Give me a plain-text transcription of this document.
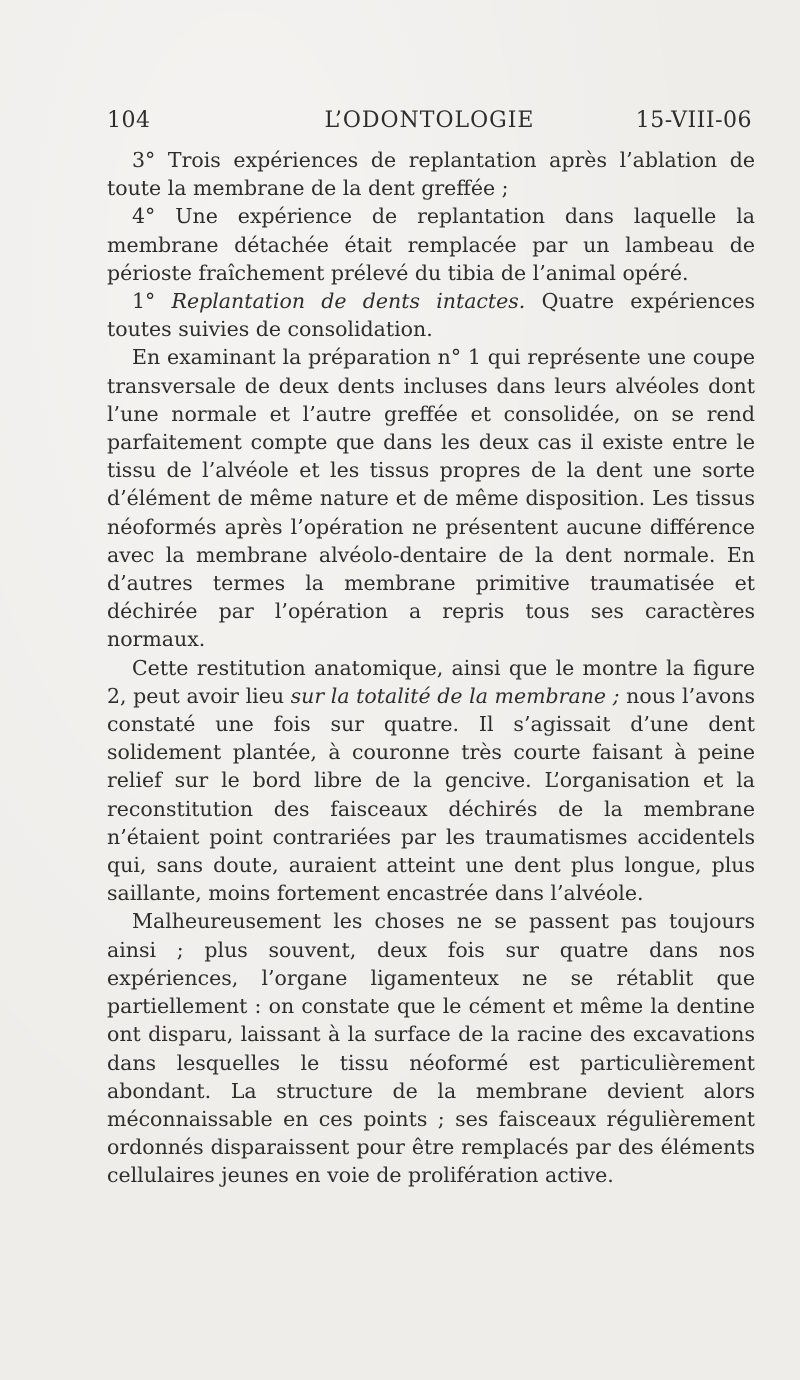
104	L’ODONTOLOGIE	15-VIII-06

3° Trois expériences de replantation après l’ablation de toute la membrane de la dent greffée ;

4° Une expérience de replantation dans laquelle la membrane détachée était remplacée par un lambeau de périoste fraîchement prélevé du tibia de l’animal opéré.

1° Replantation de dents intactes. Quatre expériences toutes suivies de consolidation.

En examinant la préparation n° 1 qui représente une coupe transversale de deux dents incluses dans leurs alvéoles dont l’une normale et l’autre greffée et consolidée, on se rend parfaitement compte que dans les deux cas il existe entre le tissu de l’alvéole et les tissus propres de la dent une sorte d’élément de même nature et de même disposition. Les tissus néoformés après l’opération ne présentent aucune différence avec la membrane alvéolo-dentaire de la dent normale. En d’autres termes la membrane primitive traumatisée et déchirée par l’opération a repris tous ses caractères normaux.

Cette restitution anatomique, ainsi que le montre la figure 2, peut avoir lieu sur la totalité de la membrane ; nous l’avons constaté une fois sur quatre. Il s’agissait d’une dent solidement plantée, à couronne très courte faisant à peine relief sur le bord libre de la gencive. L’organisation et la reconstitution des faisceaux déchirés de la membrane n’étaient point contrariées par les traumatismes accidentels qui, sans doute, auraient atteint une dent plus longue, plus saillante, moins fortement encastrée dans l’alvéole.

Malheureusement les choses ne se passent pas toujours ainsi ; plus souvent, deux fois sur quatre dans nos expériences, l’organe ligamenteux ne se rétablit que partiellement : on constate que le cément et même la dentine ont disparu, laissant à la surface de la racine des excavations dans lesquelles le tissu néoformé est particulièrement abondant. La structure de la membrane devient alors méconnaissable en ces points ; ses faisceaux régulièrement ordonnés disparaissent pour être remplacés par des éléments cellulaires jeunes en voie de prolifération active.
